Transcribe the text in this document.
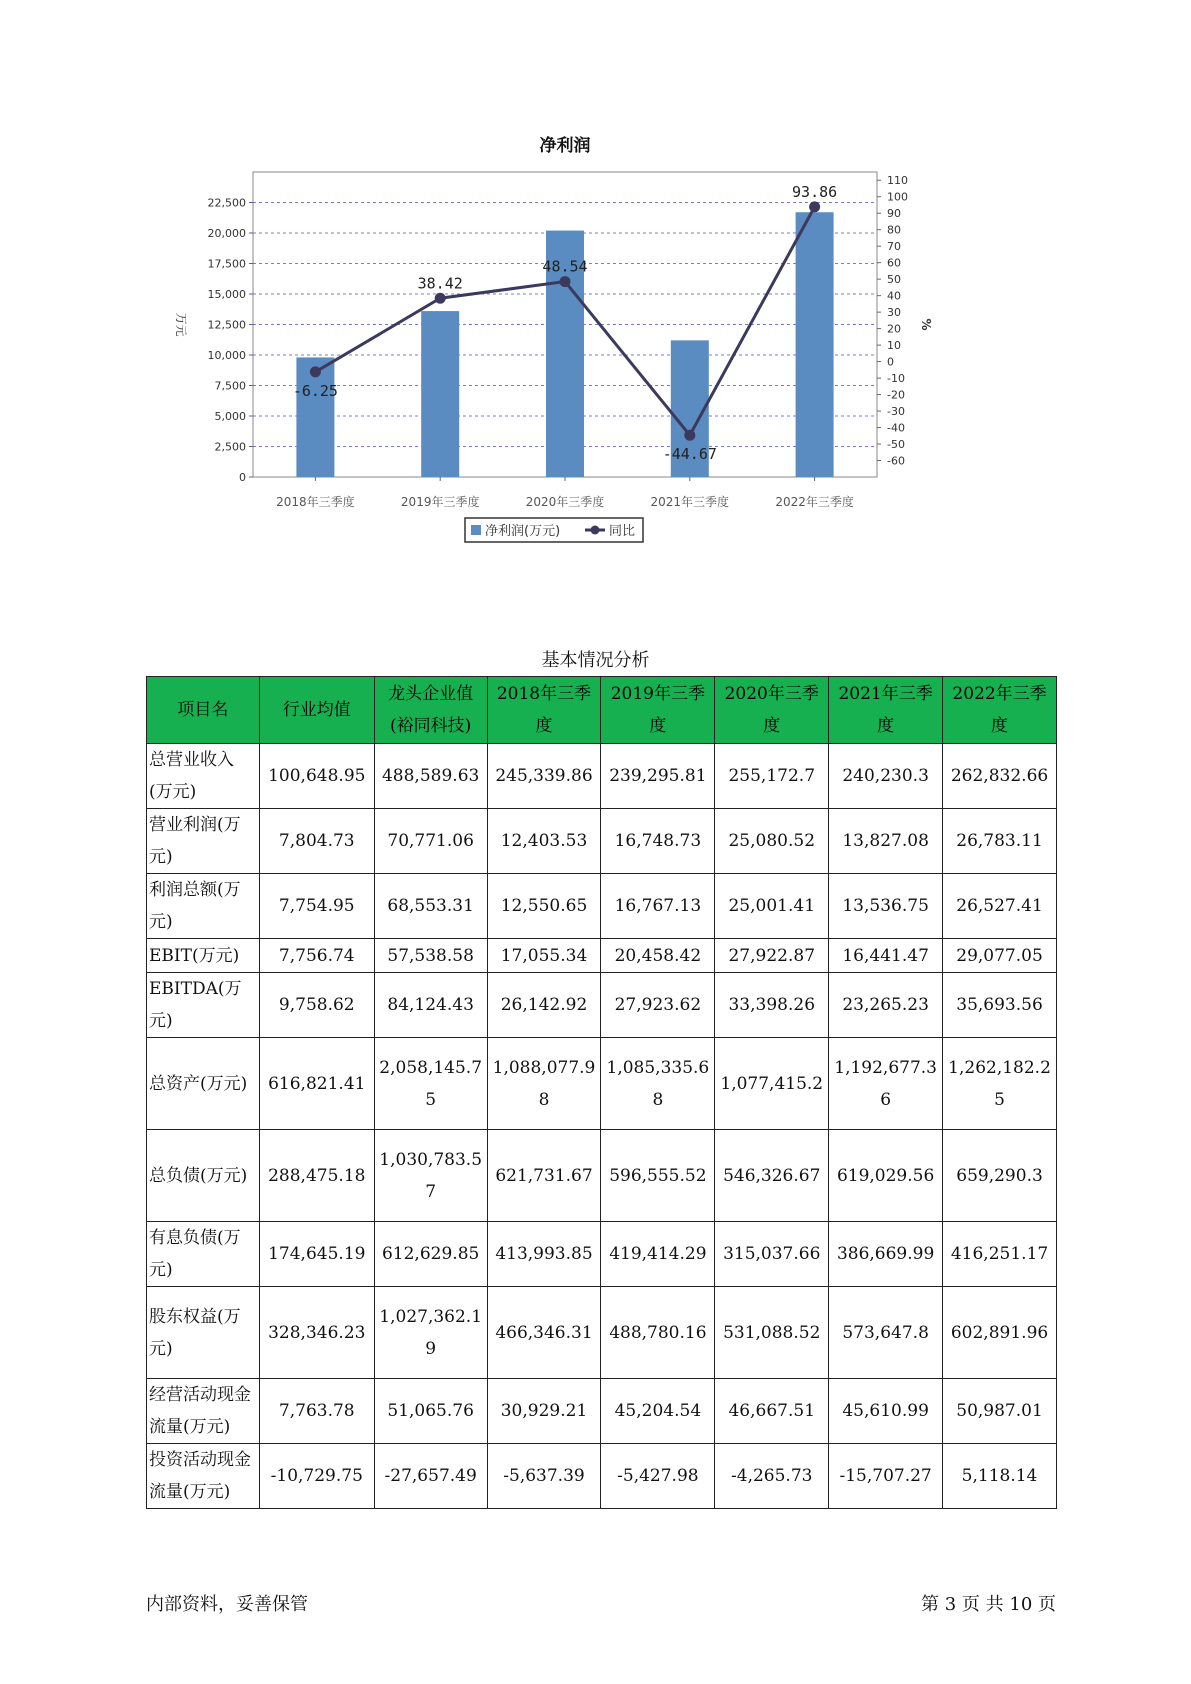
净利润
0
2,500
5,000
7,500
10,000
12,500
15,000
17,500
20,000
22,500
-60
-50
-40
-30
-20
-10
0
10
20
30
40
50
60
70
80
90
100
110
万元	%
2018年三季度	2019年三季度	2020年三季度	2021年三季度	2022年三季度
-6.25
38.42
48.54
-44.67
93.86
净利润(万元)	同比
基本情况分析
项目名	行业均值	龙头企业值(裕同科技)	2018年三季度	2019年三季度	2020年三季度	2021年三季度	2022年三季度
总营业收入(万元)	100,648.95	488,589.63	245,339.86	239,295.81	255,172.7	240,230.3	262,832.66
营业利润(万元)	7,804.73	70,771.06	12,403.53	16,748.73	25,080.52	13,827.08	26,783.11
利润总额(万元)	7,754.95	68,553.31	12,550.65	16,767.13	25,001.41	13,536.75	26,527.41
EBIT(万元)	7,756.74	57,538.58	17,055.34	20,458.42	27,922.87	16,441.47	29,077.05
EBITDA(万元)	9,758.62	84,124.43	26,142.92	27,923.62	33,398.26	23,265.23	35,693.56
总资产(万元)	616,821.41	2,058,145.75	1,088,077.98	1,085,335.68	1,077,415.2	1,192,677.36	1,262,182.25
总负债(万元)	288,475.18	1,030,783.57	621,731.67	596,555.52	546,326.67	619,029.56	659,290.3
有息负债(万元)	174,645.19	612,629.85	413,993.85	419,414.29	315,037.66	386,669.99	416,251.17
股东权益(万元)	328,346.23	1,027,362.19	466,346.31	488,780.16	531,088.52	573,647.8	602,891.96
经营活动现金流量(万元)	7,763.78	51,065.76	30,929.21	45,204.54	46,667.51	45,610.99	50,987.01
投资活动现金流量(万元)	-10,729.75	-27,657.49	-5,637.39	-5,427.98	-4,265.73	-15,707.27	5,118.14
内部资料，妥善保管	第 3 页 共 10 页
